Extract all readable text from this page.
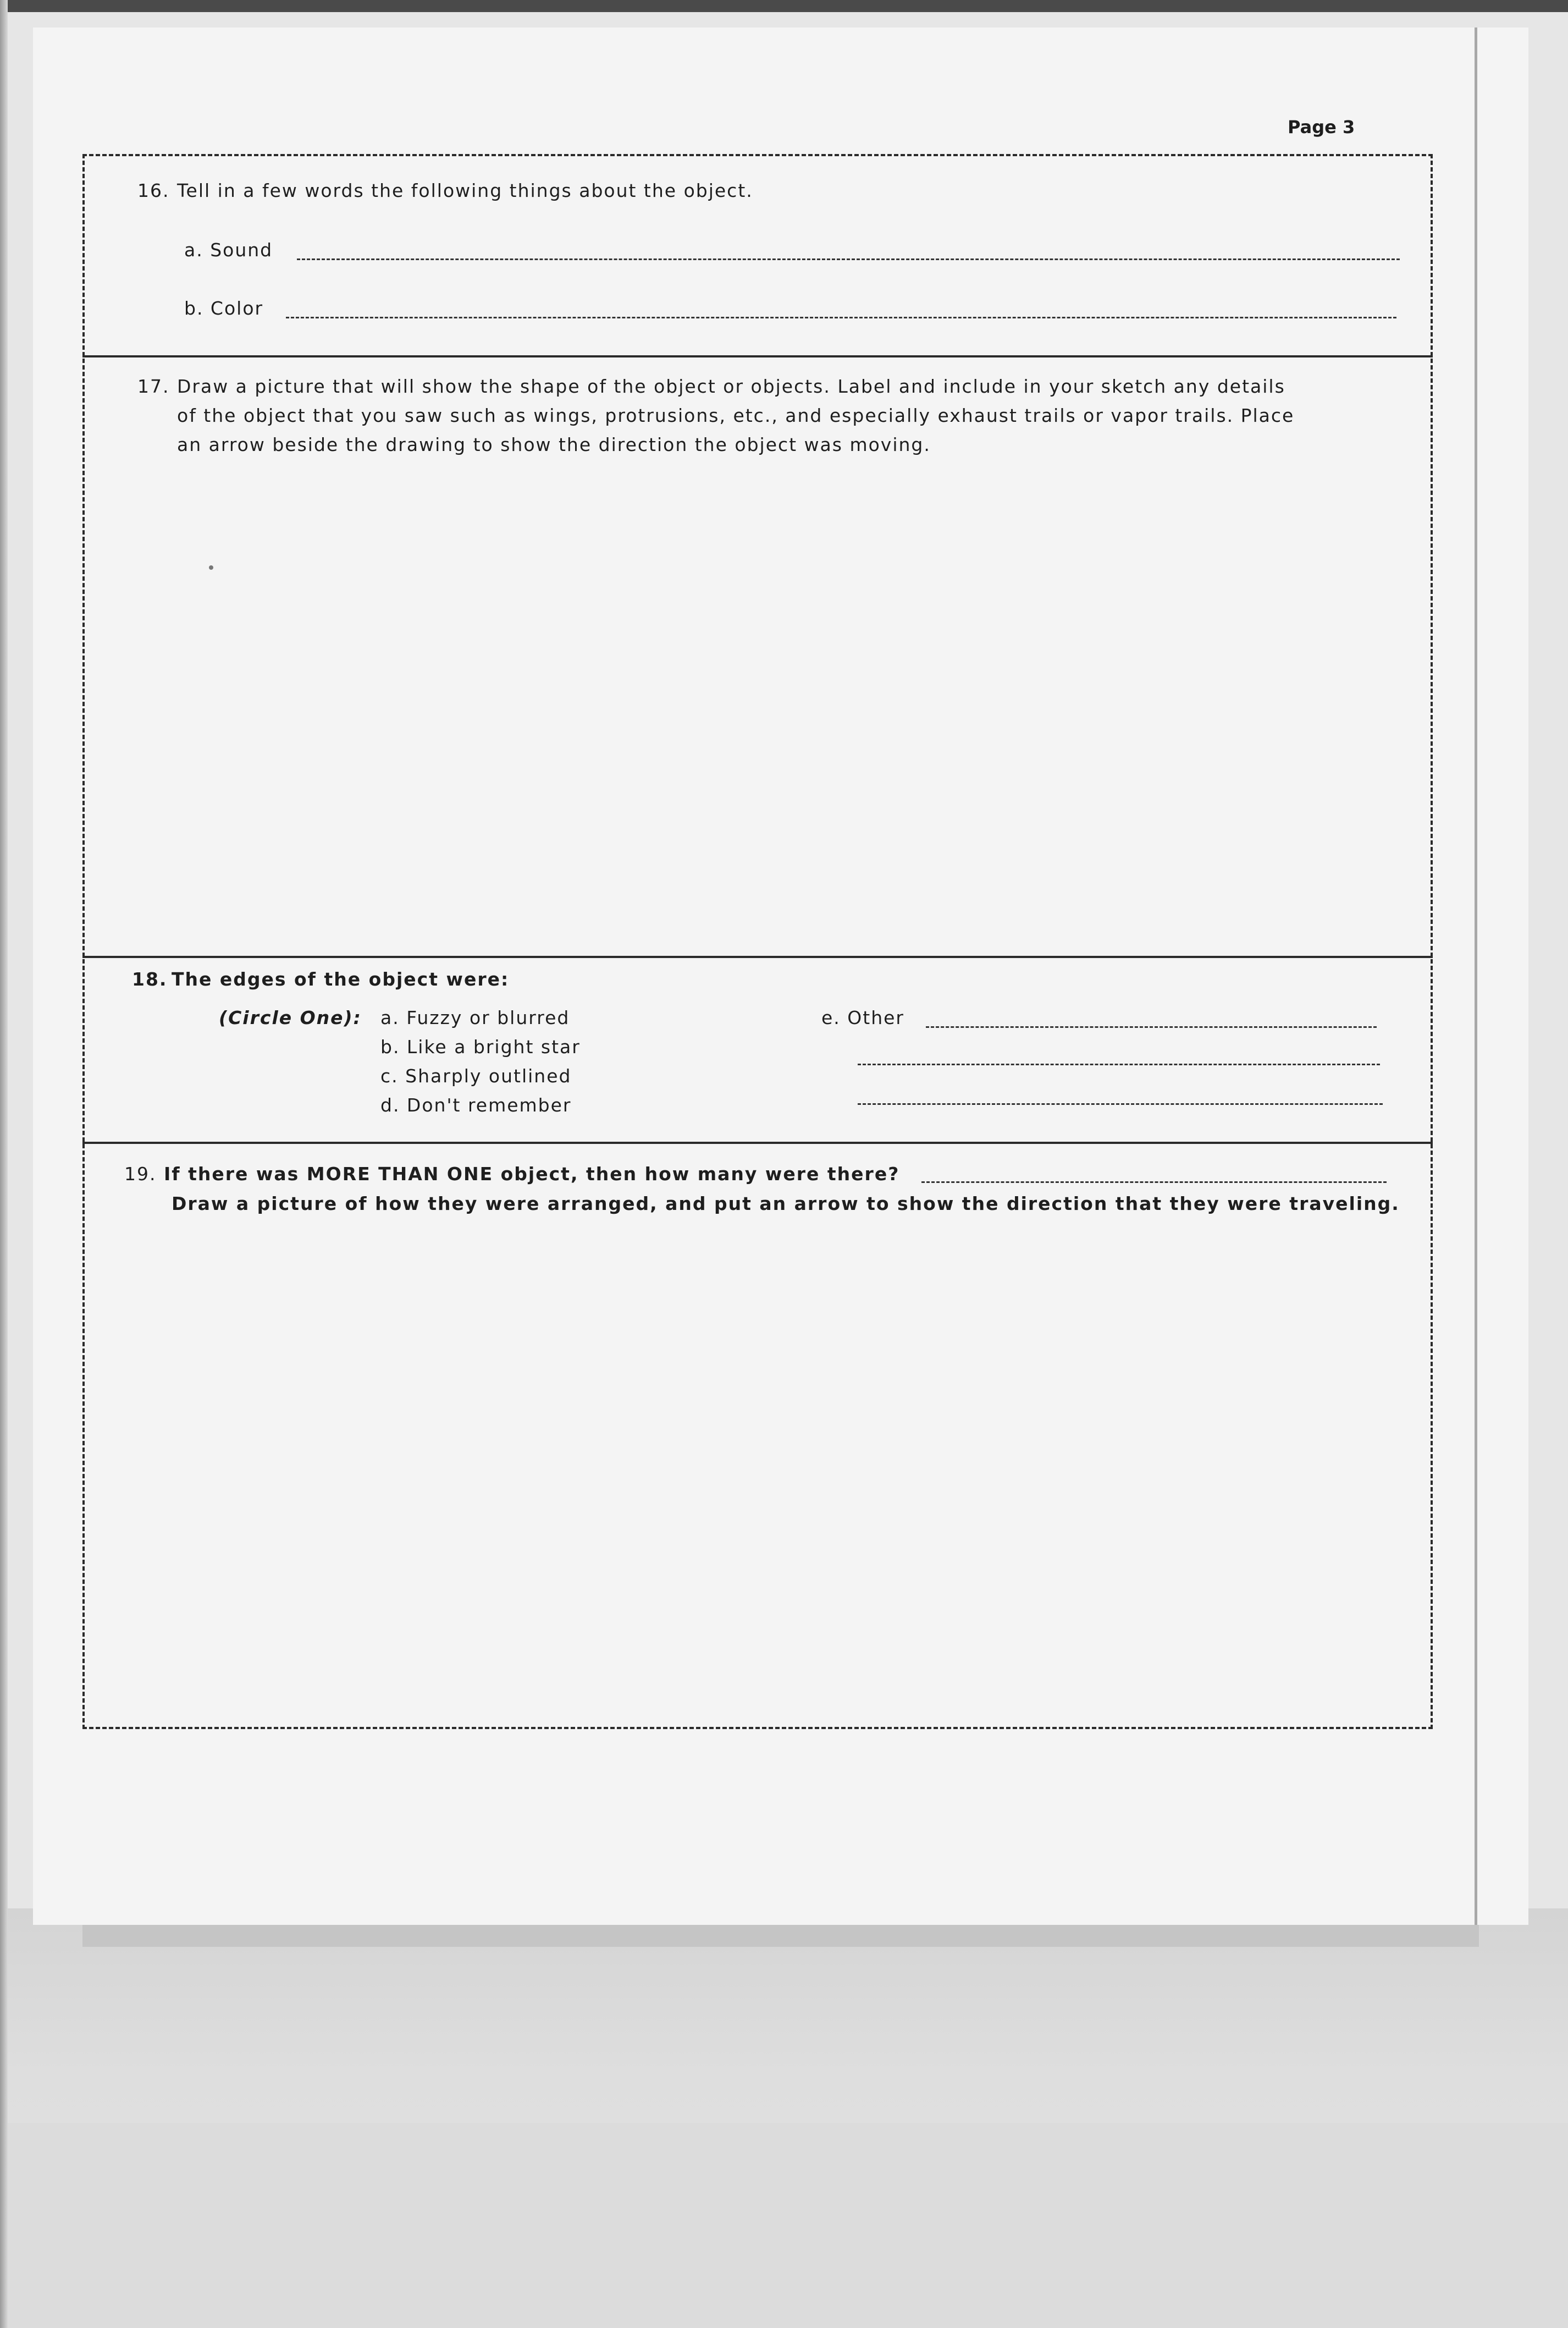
Page 3
16. Tell in a few words the following things about the object.
a. Sound
b. Color
17. Draw a picture that will show the shape of the object or objects. Label and include in your sketch any details
of the object that you saw such as wings, protrusions, etc., and especially exhaust trails or vapor trails. Place
an arrow beside the drawing to show the direction the object was moving.
18. The edges of the object were:
(Circle One): a. Fuzzy or blurred
b. Like a bright star
c. Sharply outlined
d. Don't remember
e. Other
19. If there was MORE THAN ONE object, then how many were there?
Draw a picture of how they were arranged, and put an arrow to show the direction that they were traveling.
